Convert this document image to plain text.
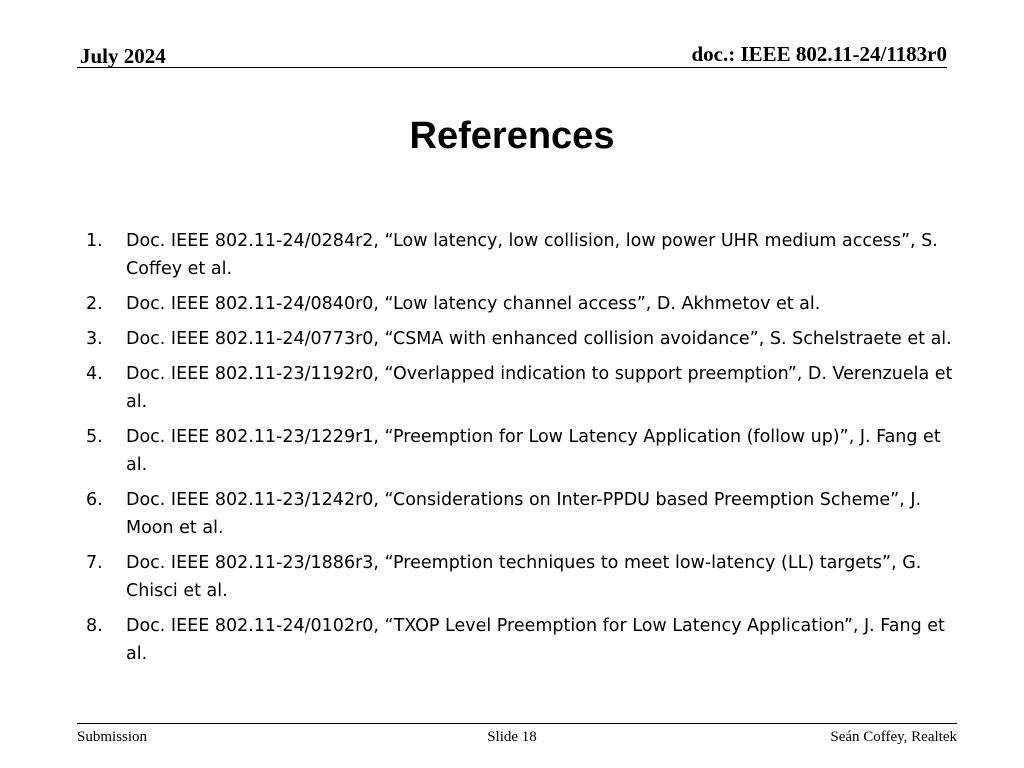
July 2024	doc.: IEEE 802.11-24/1183r0
References
1.	Doc. IEEE 802.11-24/0284r2, “Low latency, low collision, low power UHR medium access”, S. Coffey et al.
2.	Doc. IEEE 802.11-24/0840r0, “Low latency channel access”, D. Akhmetov et al.
3.	Doc. IEEE 802.11-24/0773r0, “CSMA with enhanced collision avoidance”, S. Schelstraete et al.
4.	Doc. IEEE 802.11-23/1192r0, “Overlapped indication to support preemption”, D. Verenzuela et al.
5.	Doc. IEEE 802.11-23/1229r1, “Preemption for Low Latency Application (follow up)”, J. Fang et al.
6.	Doc. IEEE 802.11-23/1242r0, “Considerations on Inter-PPDU based Preemption Scheme”, J. Moon et al.
7.	Doc. IEEE 802.11-23/1886r3, “Preemption techniques to meet low-latency (LL) targets”, G. Chisci et al.
8.	Doc. IEEE 802.11-24/0102r0, “TXOP Level Preemption for Low Latency Application”, J. Fang et al.
Submission	Slide 18	Seán Coffey, Realtek
